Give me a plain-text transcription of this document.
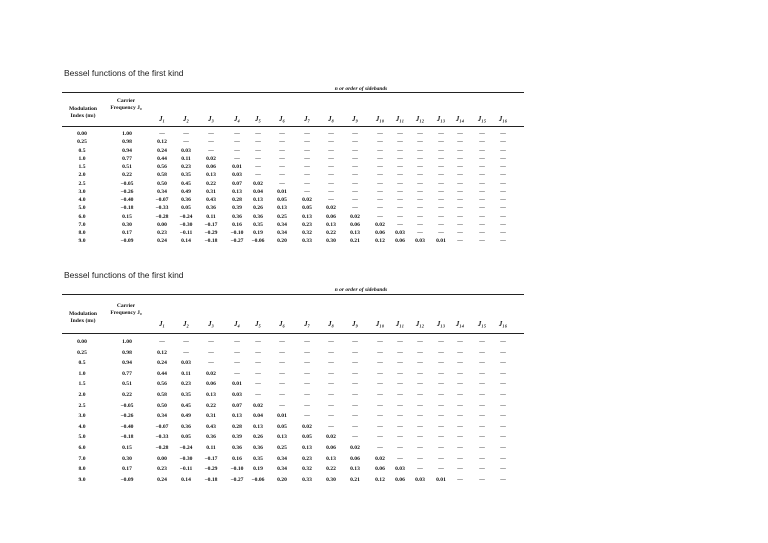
Bessel functions of the first kind
n or order of sidebands
Modulation Index (mₗ)
Carrier Frequency J₀
J₁	J₂	J₃	J₄	J₅	J₆	J₇	J₈	J₉	J₁₀	J₁₁	J₁₂	J₁₃	J₁₄	J₁₅	J₁₆
0.00	1.00	—	—	—	—	—	—	—	—	—	—	—	—	—	—	—	—
0.25	0.98	0.12	—	—	—	—	—	—	—	—	—	—	—	—	—	—	—
0.5	0.94	0.24	0.03	—	—	—	—	—	—	—	—	—	—	—	—	—	—
1.0	0.77	0.44	0.11	0.02	—	—	—	—	—	—	—	—	—	—	—	—	—
1.5	0.51	0.56	0.23	0.06	0.01	—	—	—	—	—	—	—	—	—	—	—	—
2.0	0.22	0.58	0.35	0.13	0.03	—	—	—	—	—	—	—	—	—	—	—	—
2.5	−0.05	0.50	0.45	0.22	0.07	0.02	—	—	—	—	—	—	—	—	—	—	—
3.0	−0.26	0.34	0.49	0.31	0.13	0.04	0.01	—	—	—	—	—	—	—	—	—	—
4.0	−0.40	−0.07	0.36	0.43	0.28	0.13	0.05	0.02	—	—	—	—	—	—	—	—	—
5.0	−0.18	−0.33	0.05	0.36	0.39	0.26	0.13	0.05	0.02	—	—	—	—	—	—	—	—
6.0	0.15	−0.28	−0.24	0.11	0.36	0.36	0.25	0.13	0.06	0.02	—	—	—	—	—	—	—
7.0	0.30	0.00	−0.30	−0.17	0.16	0.35	0.34	0.23	0.13	0.06	0.02	—	—	—	—	—	—
8.0	0.17	0.23	−0.11	−0.29	−0.10	0.19	0.34	0.32	0.22	0.13	0.06	0.03	—	—	—	—	—
9.0	−0.09	0.24	0.14	−0.18	−0.27	−0.06	0.20	0.33	0.30	0.21	0.12	0.06	0.03	0.01	—	—	—
Bessel functions of the first kind
n or order of sidebands
Modulation Index (mₗ)
Carrier Frequency J₀
J₁	J₂	J₃	J₄	J₅	J₆	J₇	J₈	J₉	J₁₀	J₁₁	J₁₂	J₁₃	J₁₄	J₁₅	J₁₆
0.00	1.00	—	—	—	—	—	—	—	—	—	—	—	—	—	—	—	—
0.25	0.98	0.12	—	—	—	—	—	—	—	—	—	—	—	—	—	—	—
0.5	0.94	0.24	0.03	—	—	—	—	—	—	—	—	—	—	—	—	—	—
1.0	0.77	0.44	0.11	0.02	—	—	—	—	—	—	—	—	—	—	—	—	—
1.5	0.51	0.56	0.23	0.06	0.01	—	—	—	—	—	—	—	—	—	—	—	—
2.0	0.22	0.58	0.35	0.13	0.03	—	—	—	—	—	—	—	—	—	—	—	—
2.5	−0.05	0.50	0.45	0.22	0.07	0.02	—	—	—	—	—	—	—	—	—	—	—
3.0	−0.26	0.34	0.49	0.31	0.13	0.04	0.01	—	—	—	—	—	—	—	—	—	—
4.0	−0.40	−0.07	0.36	0.43	0.28	0.13	0.05	0.02	—	—	—	—	—	—	—	—	—
5.0	−0.18	−0.33	0.05	0.36	0.39	0.26	0.13	0.05	0.02	—	—	—	—	—	—	—	—
6.0	0.15	−0.28	−0.24	0.11	0.36	0.36	0.25	0.13	0.06	0.02	—	—	—	—	—	—	—
7.0	0.30	0.00	−0.30	−0.17	0.16	0.35	0.34	0.23	0.13	0.06	0.02	—	—	—	—	—	—
8.0	0.17	0.23	−0.11	−0.29	−0.10	0.19	0.34	0.32	0.22	0.13	0.06	0.03	—	—	—	—	—
9.0	−0.09	0.24	0.14	−0.18	−0.27	−0.06	0.20	0.33	0.30	0.21	0.12	0.06	0.03	0.01	—	—	—
